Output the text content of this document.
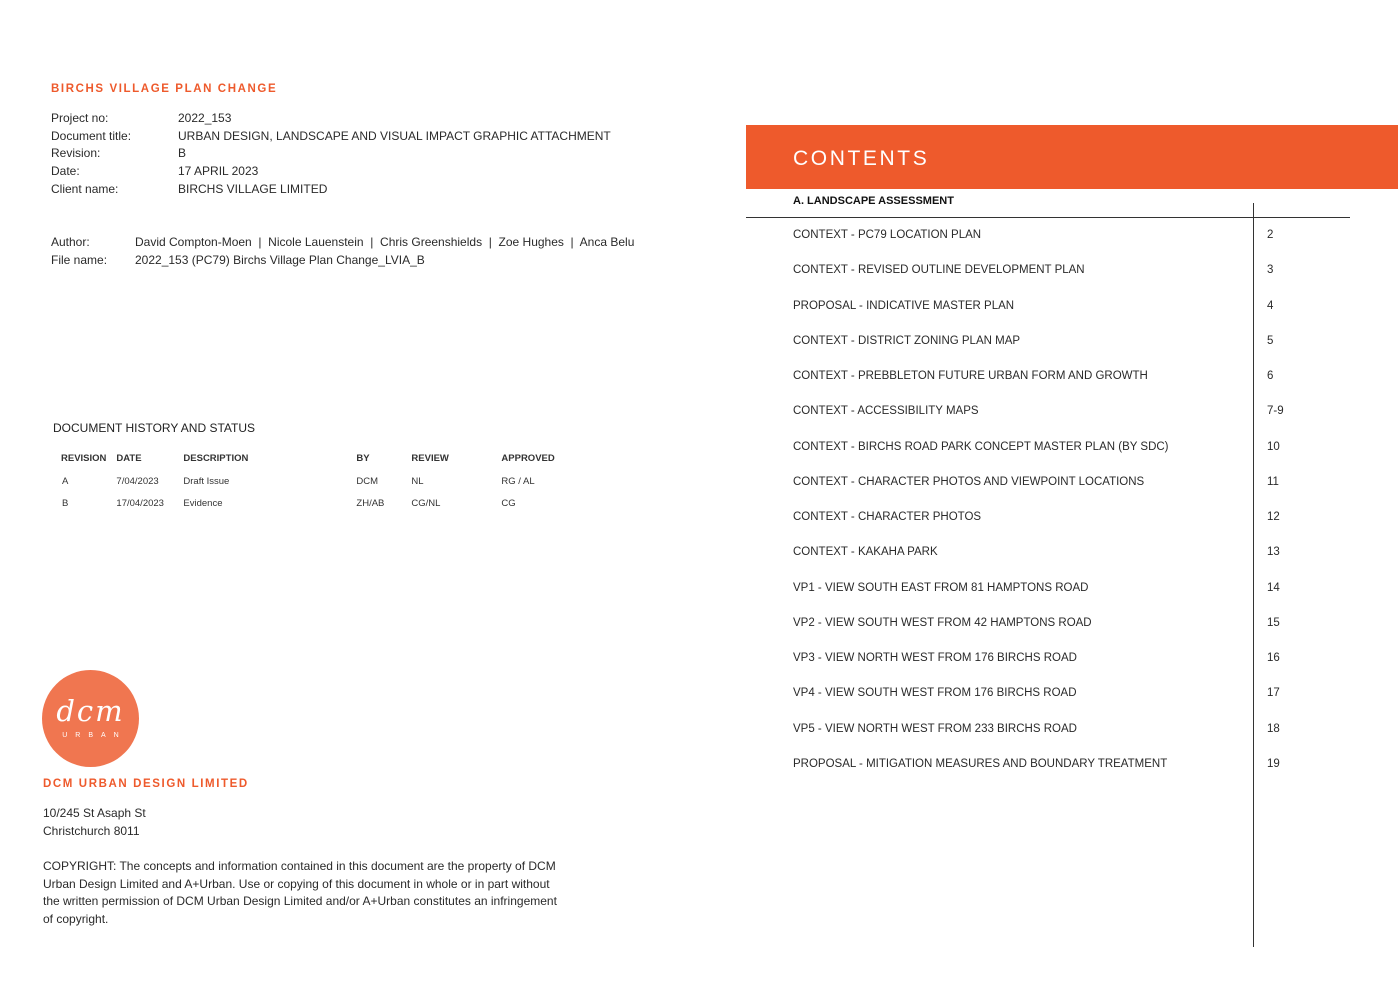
BIRCHS VILLAGE PLAN CHANGE
Project no:	2022_153
Document title:	URBAN DESIGN, LANDSCAPE AND VISUAL IMPACT GRAPHIC ATTACHMENT
Revision:	B
Date:	17 APRIL 2023
Client name:	BIRCHS VILLAGE LIMITED
Author:	David Compton-Moen  |  Nicole Lauenstein  |  Chris Greenshields  |  Zoe Hughes  |  Anca Belu
File name:	2022_153 (PC79) Birchs Village Plan Change_LVIA_B
DOCUMENT HISTORY AND STATUS
REVISION	DATE	DESCRIPTION	BY	REVIEW	APPROVED

A	7/04/2023	Draft Issue	DCM	NL	RG / AL
B	17/04/2023	Evidence	ZH/AB	CG/NL	CG
dcm
URBAN
DCM URBAN DESIGN LIMITED
10/245 St Asaph St
Christchurch 8011
COPYRIGHT: The concepts and information contained in this document are the property of DCM Urban Design Limited and A+Urban. Use or copying of this document in whole or in part without the written permission of DCM Urban Design Limited and/or A+Urban constitutes an infringement of copyright.
CONTENTS
A. LANDSCAPE ASSESSMENT
CONTEXT - PC79 LOCATION PLAN	2
CONTEXT - REVISED OUTLINE DEVELOPMENT PLAN	3
PROPOSAL - INDICATIVE MASTER PLAN	4
CONTEXT - DISTRICT ZONING PLAN MAP	5
CONTEXT - PREBBLETON FUTURE URBAN FORM AND GROWTH	6
CONTEXT - ACCESSIBILITY MAPS	7-9
CONTEXT - BIRCHS ROAD PARK CONCEPT MASTER PLAN (BY SDC)	10
CONTEXT - CHARACTER PHOTOS AND VIEWPOINT LOCATIONS	11
CONTEXT - CHARACTER PHOTOS	12
CONTEXT - KAKAHA PARK	13
VP1 - VIEW SOUTH EAST FROM 81 HAMPTONS ROAD	14
VP2 - VIEW SOUTH WEST FROM 42 HAMPTONS ROAD	15
VP3 - VIEW NORTH WEST FROM 176 BIRCHS ROAD	16
VP4 - VIEW SOUTH WEST FROM 176 BIRCHS ROAD	17
VP5 - VIEW NORTH WEST FROM 233 BIRCHS ROAD	18
PROPOSAL - MITIGATION MEASURES AND BOUNDARY TREATMENT	19
